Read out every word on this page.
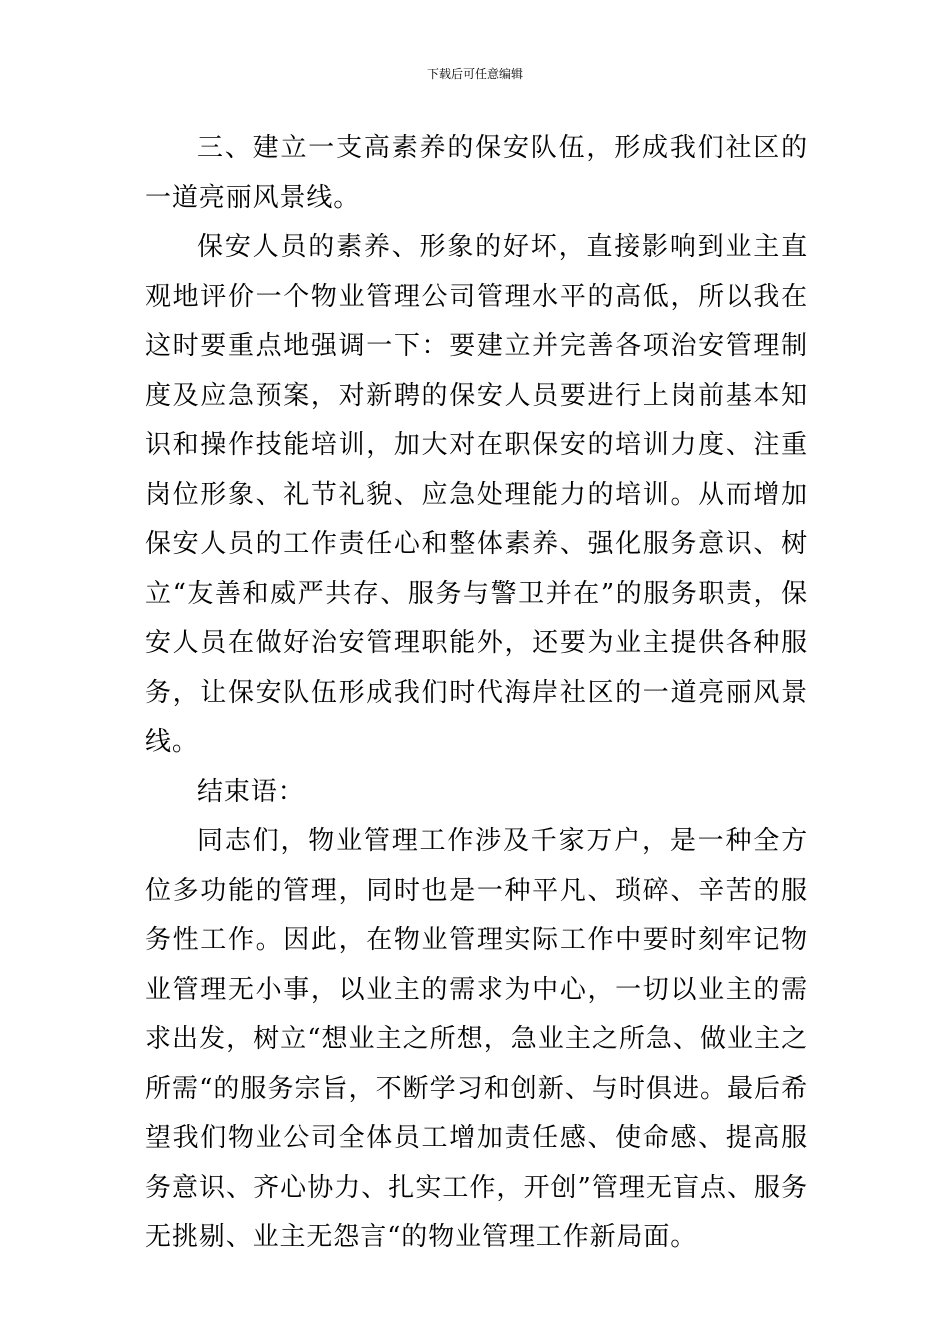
下载后可任意编辑

三、建立一支高素养的保安队伍，形成我们社区的一道亮丽风景线。

保安人员的素养、形象的好坏，直接影响到业主直观地评价一个物业管理公司管理水平的高低，所以我在这时要重点地强调一下：要建立并完善各项治安管理制度及应急预案，对新聘的保安人员要进行上岗前基本知识和操作技能培训，加大对在职保安的培训力度、注重岗位形象、礼节礼貌、应急处理能力的培训。从而增加保安人员的工作责任心和整体素养、强化服务意识、树立“友善和威严共存、服务与警卫并在”的服务职责，保安人员在做好治安管理职能外，还要为业主提供各种服务，让保安队伍形成我们时代海岸社区的一道亮丽风景线。

结束语：

同志们，物业管理工作涉及千家万户，是一种全方位多功能的管理，同时也是一种平凡、琐碎、辛苦的服务性工作。因此，在物业管理实际工作中要时刻牢记物业管理无小事，以业主的需求为中心，一切以业主的需求出发，树立“想业主之所想，急业主之所急、做业主之所需“的服务宗旨，不断学习和创新、与时俱进。最后希望我们物业公司全体员工增加责任感、使命感、提高服务意识、齐心协力、扎实工作，开创”管理无盲点、服务无挑剔、业主无怨言“的物业管理工作新局面。
